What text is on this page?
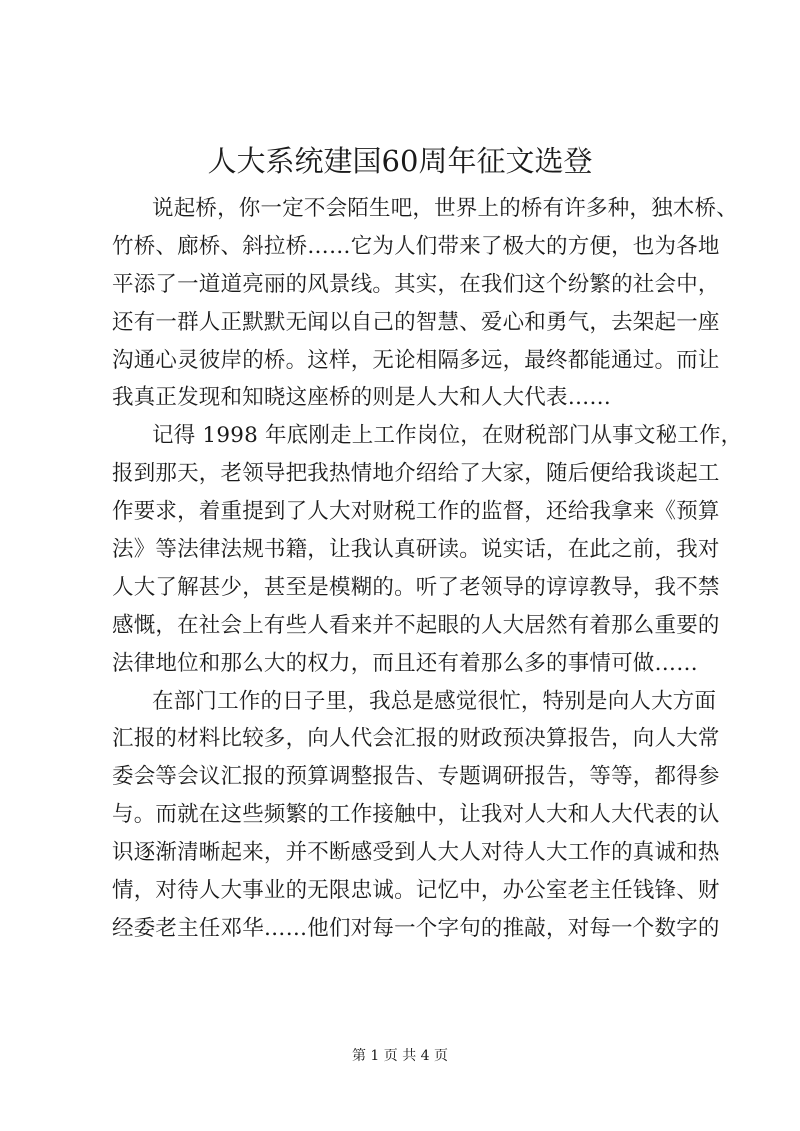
人大系统建国60周年征文选登
说起桥，你一定不会陌生吧，世界上的桥有许多种，独木桥、
竹桥、廊桥、斜拉桥……它为人们带来了极大的方便，也为各地
平添了一道道亮丽的风景线。其实，在我们这个纷繁的社会中，
还有一群人正默默无闻以自己的智慧、爱心和勇气，去架起一座
沟通心灵彼岸的桥。这样，无论相隔多远，最终都能通过。而让
我真正发现和知晓这座桥的则是人大和人大代表……
记得 1998 年底刚走上工作岗位，在财税部门从事文秘工作，
报到那天，老领导把我热情地介绍给了大家，随后便给我谈起工
作要求，着重提到了人大对财税工作的监督，还给我拿来《预算
法》等法律法规书籍，让我认真研读。说实话，在此之前，我对
人大了解甚少，甚至是模糊的。听了老领导的谆谆教导，我不禁
感慨，在社会上有些人看来并不起眼的人大居然有着那么重要的
法律地位和那么大的权力，而且还有着那么多的事情可做……
在部门工作的日子里，我总是感觉很忙，特别是向人大方面
汇报的材料比较多，向人代会汇报的财政预决算报告，向人大常
委会等会议汇报的预算调整报告、专题调研报告，等等，都得参
与。而就在这些频繁的工作接触中，让我对人大和人大代表的认
识逐渐清晰起来，并不断感受到人大人对待人大工作的真诚和热
情，对待人大事业的无限忠诚。记忆中，办公室老主任钱锋、财
经委老主任邓华……他们对每一个字句的推敲，对每一个数字的
第 1 页 共 4 页
